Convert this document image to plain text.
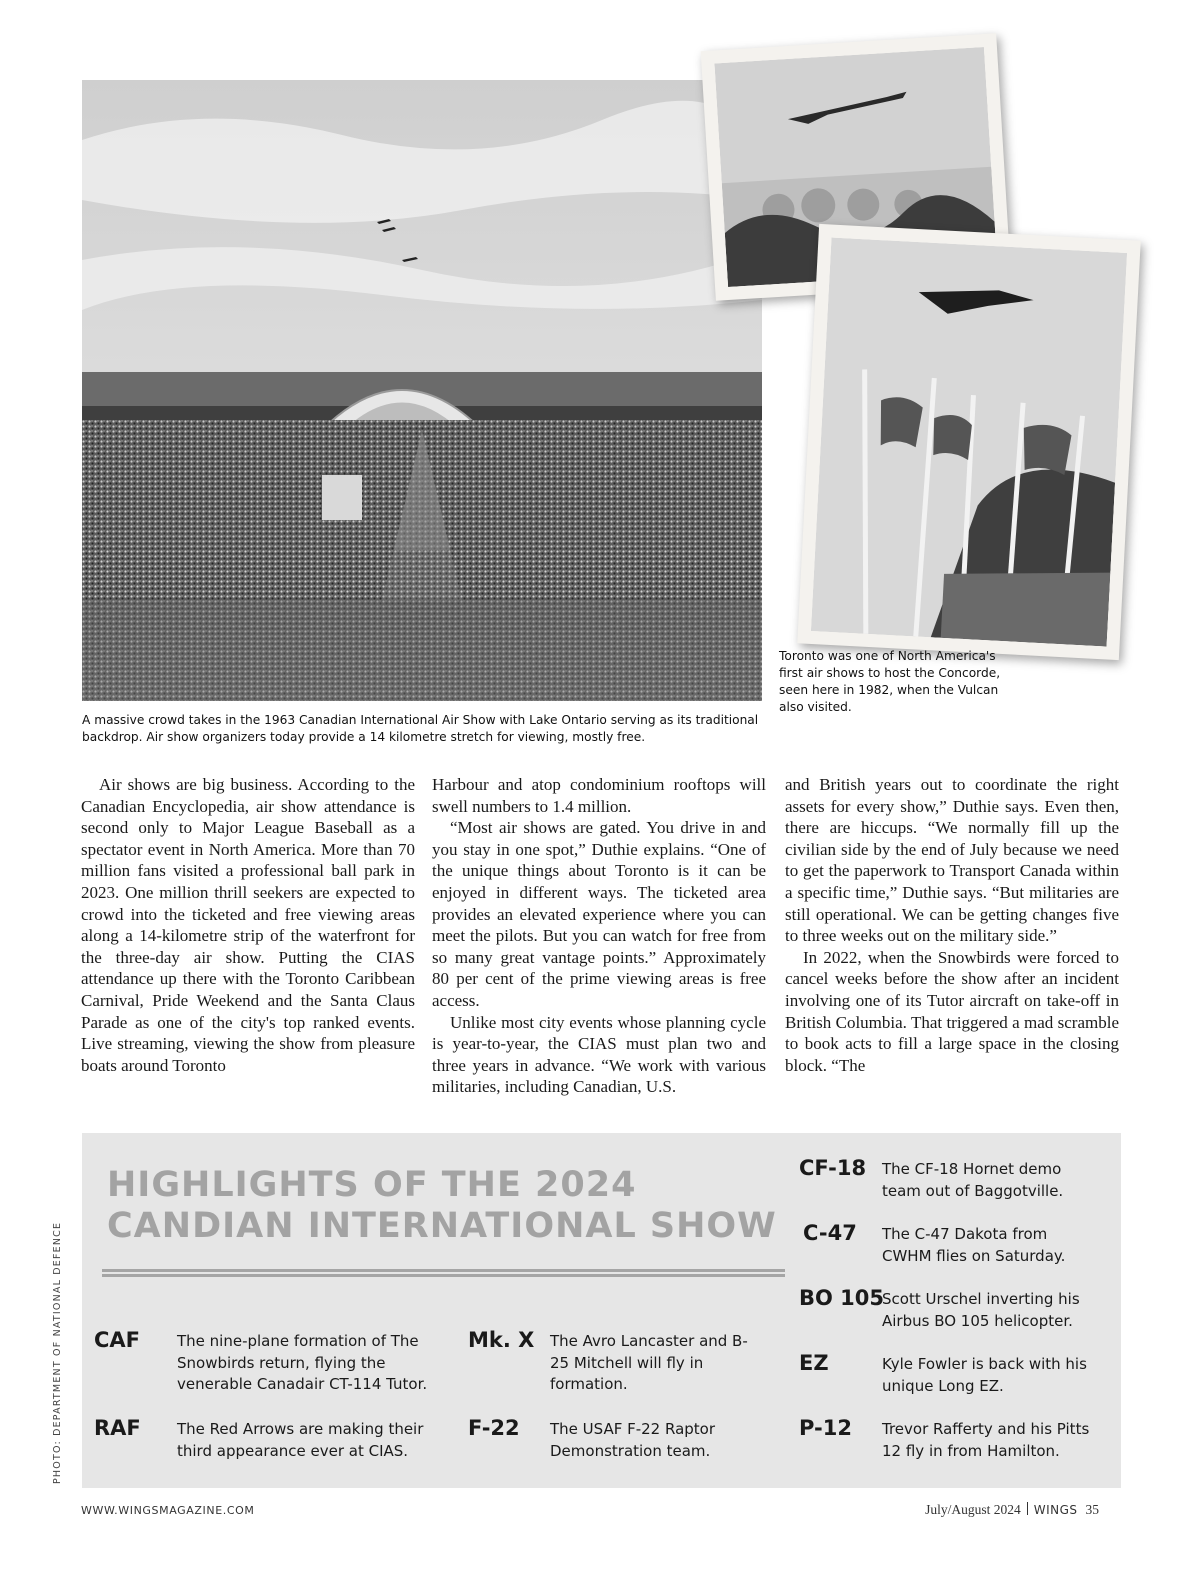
A massive crowd takes in the 1963 Canadian International Air Show with Lake Ontario serving as its traditional backdrop. Air show organizers today provide a 14 kilometre stretch for viewing, mostly free.
Toronto was one of North America's first air shows to host the Concorde, seen here in 1982, when the Vulcan also visited.

Air shows are big business. According to the Canadian Encyclopedia, air show attendance is second only to Major League Baseball as a spectator event in North America. More than 70 million fans visited a professional ball park in 2023. One million thrill seekers are expected to crowd into the ticketed and free viewing areas along a 14-kilometre strip of the waterfront for the three-day air show. Putting the CIAS attendance up there with the Toronto Caribbean Carnival, Pride Weekend and the Santa Claus Parade as one of the city's top ranked events. Live streaming, viewing the show from pleasure boats around Toronto

Harbour and atop condominium rooftops will swell numbers to 1.4 million.

“Most air shows are gated. You drive in and you stay in one spot,” Duthie explains. “One of the unique things about Toronto is it can be enjoyed in different ways. The ticketed area provides an elevated experience where you can meet the pilots. But you can watch for free from so many great vantage points.” Approximately 80 per cent of the prime viewing areas is free access.

Unlike most city events whose planning cycle is year-to-year, the CIAS must plan two and three years in advance. “We work with various militaries, including Canadian, U.S.

and British years out to coordinate the right assets for every show,” Duthie says. Even then, there are hiccups. “We normally fill up the civilian side by the end of July because we need to get the paperwork to Transport Canada within a specific time,” Duthie says. “But militaries are still operational. We can be getting changes five to three weeks out on the military side.”

In 2022, when the Snowbirds were forced to cancel weeks before the show after an incident involving one of its Tutor aircraft on take-off in British Columbia. That triggered a mad scramble to book acts to fill a large space in the closing block. “The

HIGHLIGHTS OF THE 2024 CANDIAN INTERNATIONAL SHOW
CAF The nine-plane formation of The Snowbirds return, flying the venerable Canadair CT-114 Tutor.
RAF The Red Arrows are making their third appearance ever at CIAS.
Mk. X The Avro Lancaster and B-25 Mitchell will fly in formation.
F-22 The USAF F-22 Raptor Demonstration team.
CF-18 The CF-18 Hornet demo team out of Baggotville.
C-47 The C-47 Dakota from CWHM flies on Saturday.
BO 105
Scott Urschel inverting his Airbus BO 105 helicopter.
EZ	Kyle Fowler is back with his unique Long EZ.
P-12 Trevor Rafferty and his Pitts 12 fly in from Hamilton.
PHOTO: DEPARTMENT OF NATIONAL DEFENCE
WWW.WINGSMAGAZINE.COM	July/August 2024 WINGS 35
